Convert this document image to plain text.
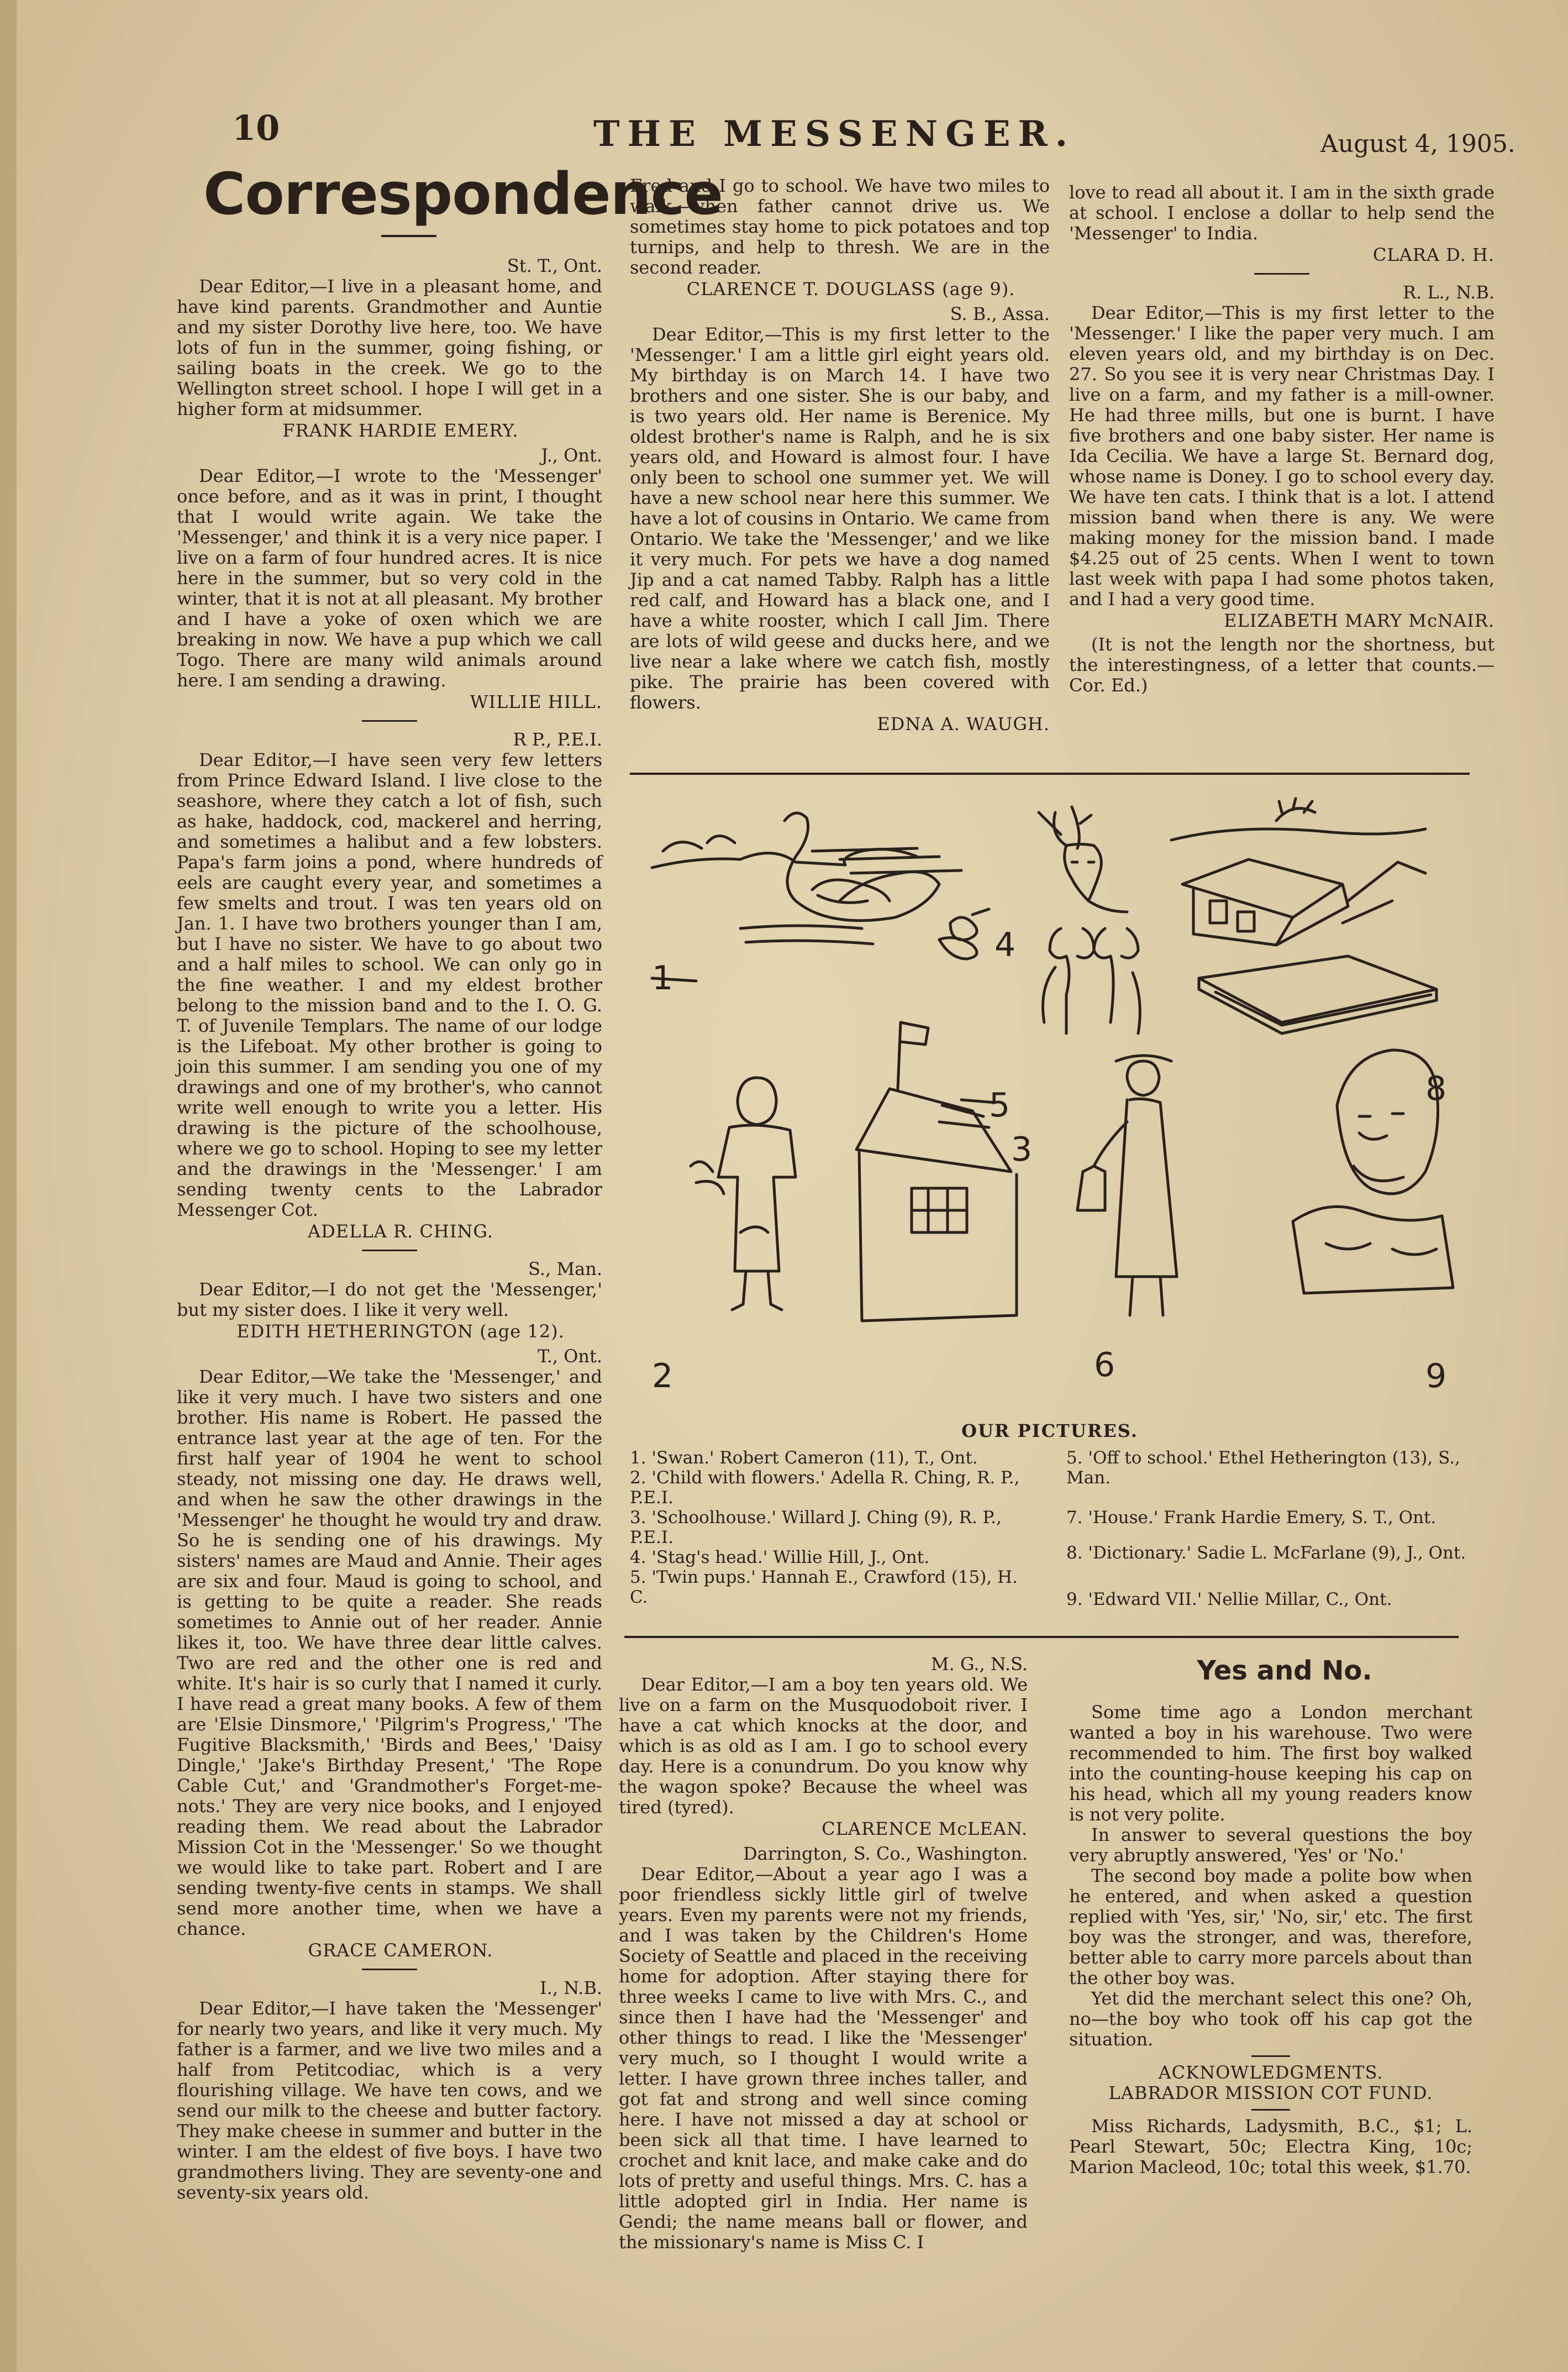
10	THE MESSENGER.	August 4, 1905.
Correspondence

St. T., Ont.

Dear Editor,—I live in a pleasant home, and have kind parents. Grandmother and Auntie and my sister Dorothy live here, too. We have lots of fun in the summer, going fishing, or sailing boats in the creek. We go to the Wellington street school. I hope I will get in a higher form at midsummer.

FRANK HARDIE EMERY.

J., Ont.

Dear Editor,—I wrote to the 'Messenger' once before, and as it was in print, I thought that I would write again. We take the 'Messenger,' and think it is a very nice paper. I live on a farm of four hundred acres. It is nice here in the summer, but so very cold in the winter, that it is not at all pleasant. My brother and I have a yoke of oxen which we are breaking in now. We have a pup which we call Togo. There are many wild animals around here. I am sending a drawing.

WILLIE HILL.

R P., P.E.I.

Dear Editor,—I have seen very few letters from Prince Edward Island. I live close to the seashore, where they catch a lot of fish, such as hake, haddock, cod, mackerel and herring, and sometimes a halibut and a few lobsters. Papa's farm joins a pond, where hundreds of eels are caught every year, and sometimes a few smelts and trout. I was ten years old on Jan. 1. I have two brothers younger than I am, but I have no sister. We have to go about two and a half miles to school. We can only go in the fine weather. I and my eldest brother belong to the mission band and to the I. O. G. T. of Juvenile Templars. The name of our lodge is the Lifeboat. My other brother is going to join this summer. I am sending you one of my drawings and one of my brother's, who cannot write well enough to write you a letter. His drawing is the picture of the schoolhouse, where we go to school. Hoping to see my letter and the drawings in the 'Messenger.' I am sending twenty cents to the Labrador Messenger Cot.

ADELLA R. CHING.

S., Man.

Dear Editor,—I do not get the 'Messenger,' but my sister does. I like it very well.

EDITH HETHERINGTON (age 12).

T., Ont.

Dear Editor,—We take the 'Messenger,' and like it very much. I have two sisters and one brother. His name is Robert. He passed the entrance last year at the age of ten. For the first half year of 1904 he went to school steady, not missing one day. He draws well, and when he saw the other drawings in the 'Messenger' he thought he would try and draw. So he is sending one of his drawings. My sisters' names are Maud and Annie. Their ages are six and four. Maud is going to school, and is getting to be quite a reader. She reads sometimes to Annie out of her reader. Annie likes it, too. We have three dear little calves. Two are red and the other one is red and white. It's hair is so curly that I named it curly. I have read a great many books. A few of them are 'Elsie Dinsmore,' 'Pilgrim's Progress,' 'The Fugitive Blacksmith,' 'Birds and Bees,' 'Daisy Dingle,' 'Jake's Birthday Present,' 'The Rope Cable Cut,' and 'Grandmother's Forget-me-nots.' They are very nice books, and I enjoyed reading them. We read about the Labrador Mission Cot in the 'Messenger.' So we thought we would like to take part. Robert and I are sending twenty-five cents in stamps. We shall send more another time, when we have a chance.

GRACE CAMERON.

I., N.B.

Dear Editor,—I have taken the 'Messenger' for nearly two years, and like it very much. My father is a farmer, and we live two miles and a half from Petitcodiac, which is a very flourishing village. We have ten cows, and we send our milk to the cheese and butter factory. They make cheese in summer and butter in the winter. I am the eldest of five boys. I have two grandmothers living. They are seventy-one and seventy-six years old.

Fred and I go to school. We have two miles to walk—when father cannot drive us. We sometimes stay home to pick potatoes and top turnips, and help to thresh. We are in the second reader.

CLARENCE T. DOUGLASS (age 9).

S. B., Assa.

Dear Editor,—This is my first letter to the 'Messenger.' I am a little girl eight years old. My birthday is on March 14. I have two brothers and one sister. She is our baby, and is two years old. Her name is Berenice. My oldest brother's name is Ralph, and he is six years old, and Howard is almost four. I have only been to school one summer yet. We will have a new school near here this summer. We have a lot of cousins in Ontario. We came from Ontario. We take the 'Messenger,' and we like it very much. For pets we have a dog named Jip and a cat named Tabby. Ralph has a little red calf, and Howard has a black one, and I have a white rooster, which I call Jim. There are lots of wild geese and ducks here, and we live near a lake where we catch fish, mostly pike. The prairie has been covered with flowers.

EDNA A. WAUGH.

love to read all about it. I am in the sixth grade at school. I enclose a dollar to help send the 'Messenger' to India.

CLARA D. H.

R. L., N.B.

Dear Editor,—This is my first letter to the 'Messenger.' I like the paper very much. I am eleven years old, and my birthday is on Dec. 27. So you see it is very near Christmas Day. I live on a farm, and my father is a mill-owner. He had three mills, but one is burnt. I have five brothers and one baby sister. Her name is Ida Cecilia. We have a large St. Bernard dog, whose name is Doney. I go to school every day. We have ten cats. I think that is a lot. I attend mission band when there is any. We were making money for the mission band. I made $4.25 out of 25 cents. When I went to town last week with papa I had some photos taken, and I had a very good time.

ELIZABETH MARY McNAIR.

(It is not the length nor the shortness, but the interestingness, of a letter that counts.—Cor. Ed.)

1
2
3
4
5
6
8
9
OUR PICTURES.
1. 'Swan.' Robert Cameron (11), T., Ont.
2. 'Child with flowers.' Adella R. Ching, R. P., P.E.I.
3. 'Schoolhouse.' Willard J. Ching (9), R. P., P.E.I.
4. 'Stag's head.' Willie Hill, J., Ont.
5. 'Twin pups.' Hannah E., Crawford (15), H. C.
5. 'Off to school.' Ethel Hetherington (13), S., Man.
7. 'House.' Frank Hardie Emery, S. T., Ont.
8. 'Dictionary.' Sadie L. McFarlane (9), J., Ont.
9. 'Edward VII.' Nellie Millar, C., Ont.

M. G., N.S.

Dear Editor,—I am a boy ten years old. We live on a farm on the Musquodoboit river. I have a cat which knocks at the door, and which is as old as I am. I go to school every day. Here is a conundrum. Do you know why the wagon spoke? Because the wheel was tired (tyred).

CLARENCE McLEAN.

Darrington, S. Co., Washington.

Dear Editor,—About a year ago I was a poor friendless sickly little girl of twelve years. Even my parents were not my friends, and I was taken by the Children's Home Society of Seattle and placed in the receiving home for adoption. After staying there for three weeks I came to live with Mrs. C., and since then I have had the 'Messenger' and other things to read. I like the 'Messenger' very much, so I thought I would write a letter. I have grown three inches taller, and got fat and strong and well since coming here. I have not missed a day at school or been sick all that time. I have learned to crochet and knit lace, and make cake and do lots of pretty and useful things. Mrs. C. has a little adopted girl in India. Her name is Gendi; the name means ball or flower, and the missionary's name is Miss C. I

Yes and No.

Some time ago a London merchant wanted a boy in his warehouse. Two were recommended to him. The first boy walked into the counting-house keeping his cap on his head, which all my young readers know is not very polite.

In answer to several questions the boy very abruptly answered, 'Yes' or 'No.'

The second boy made a polite bow when he entered, and when asked a question replied with 'Yes, sir,' 'No, sir,' etc. The first boy was the stronger, and was, therefore, better able to carry more parcels about than the other boy was.

Yet did the merchant select this one? Oh, no—the boy who took off his cap got the situation.

ACKNOWLEDGMENTS.

LABRADOR MISSION COT FUND.

Miss Richards, Ladysmith, B.C., $1; L. Pearl Stewart, 50c; Electra King, 10c; Marion Macleod, 10c; total this week, $1.70.
